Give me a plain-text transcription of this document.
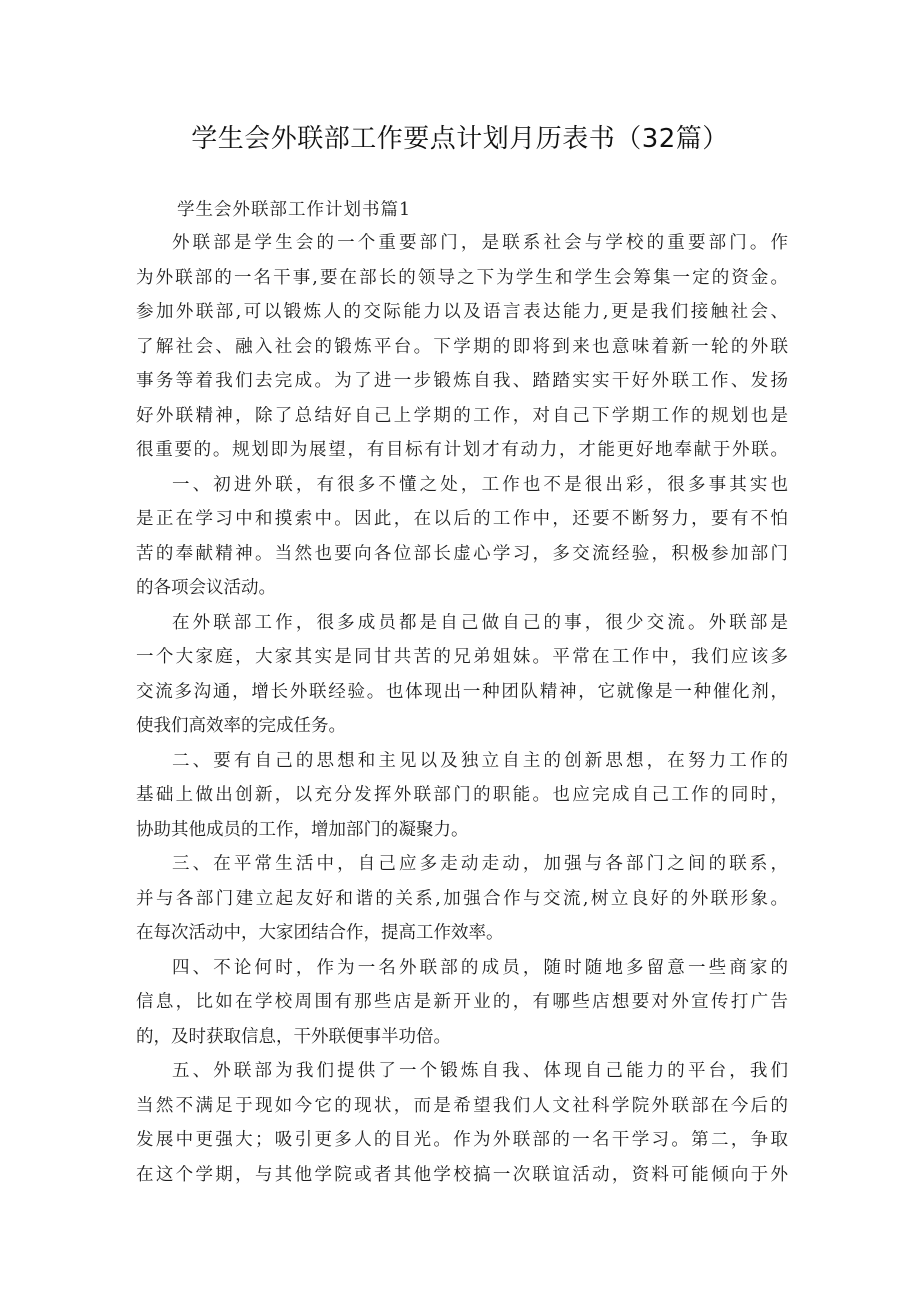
学生会外联部工作要点计划月历表书（32篇）
学生会外联部工作计划书篇1
外联部是学生会的一个重要部门，是联系社会与学校的重要部门。作
为外联部的一名干事,要在部长的领导之下为学生和学生会筹集一定的资金。
参加外联部,可以锻炼人的交际能力以及语言表达能力,更是我们接触社会、
了解社会、融入社会的锻炼平台。下学期的即将到来也意味着新一轮的外联
事务等着我们去完成。为了进一步锻炼自我、踏踏实实干好外联工作、发扬
好外联精神，除了总结好自己上学期的工作，对自己下学期工作的规划也是
很重要的。规划即为展望，有目标有计划才有动力，才能更好地奉献于外联。
一、初进外联，有很多不懂之处，工作也不是很出彩，很多事其实也
是正在学习中和摸索中。因此，在以后的工作中，还要不断努力，要有不怕
苦的奉献精神。当然也要向各位部长虚心学习，多交流经验，积极参加部门
的各项会议活动。
在外联部工作，很多成员都是自己做自己的事，很少交流。外联部是
一个大家庭，大家其实是同甘共苦的兄弟姐妹。平常在工作中，我们应该多
交流多沟通，增长外联经验。也体现出一种团队精神，它就像是一种催化剂，
使我们高效率的完成任务。
二、要有自己的思想和主见以及独立自主的创新思想，在努力工作的
基础上做出创新，以充分发挥外联部门的职能。也应完成自己工作的同时，
协助其他成员的工作，增加部门的凝聚力。
三、在平常生活中，自己应多走动走动，加强与各部门之间的联系，
并与各部门建立起友好和谐的关系,加强合作与交流,树立良好的外联形象。
在每次活动中，大家团结合作，提高工作效率。
四、不论何时，作为一名外联部的成员，随时随地多留意一些商家的
信息，比如在学校周围有那些店是新开业的，有哪些店想要对外宣传打广告
的，及时获取信息，干外联便事半功倍。
五、外联部为我们提供了一个锻炼自我、体现自己能力的平台，我们
当然不满足于现如今它的现状，而是希望我们人文社科学院外联部在今后的
发展中更强大；吸引更多人的目光。作为外联部的一名干学习。第二，争取
在这个学期，与其他学院或者其他学校搞一次联谊活动，资料可能倾向于外
